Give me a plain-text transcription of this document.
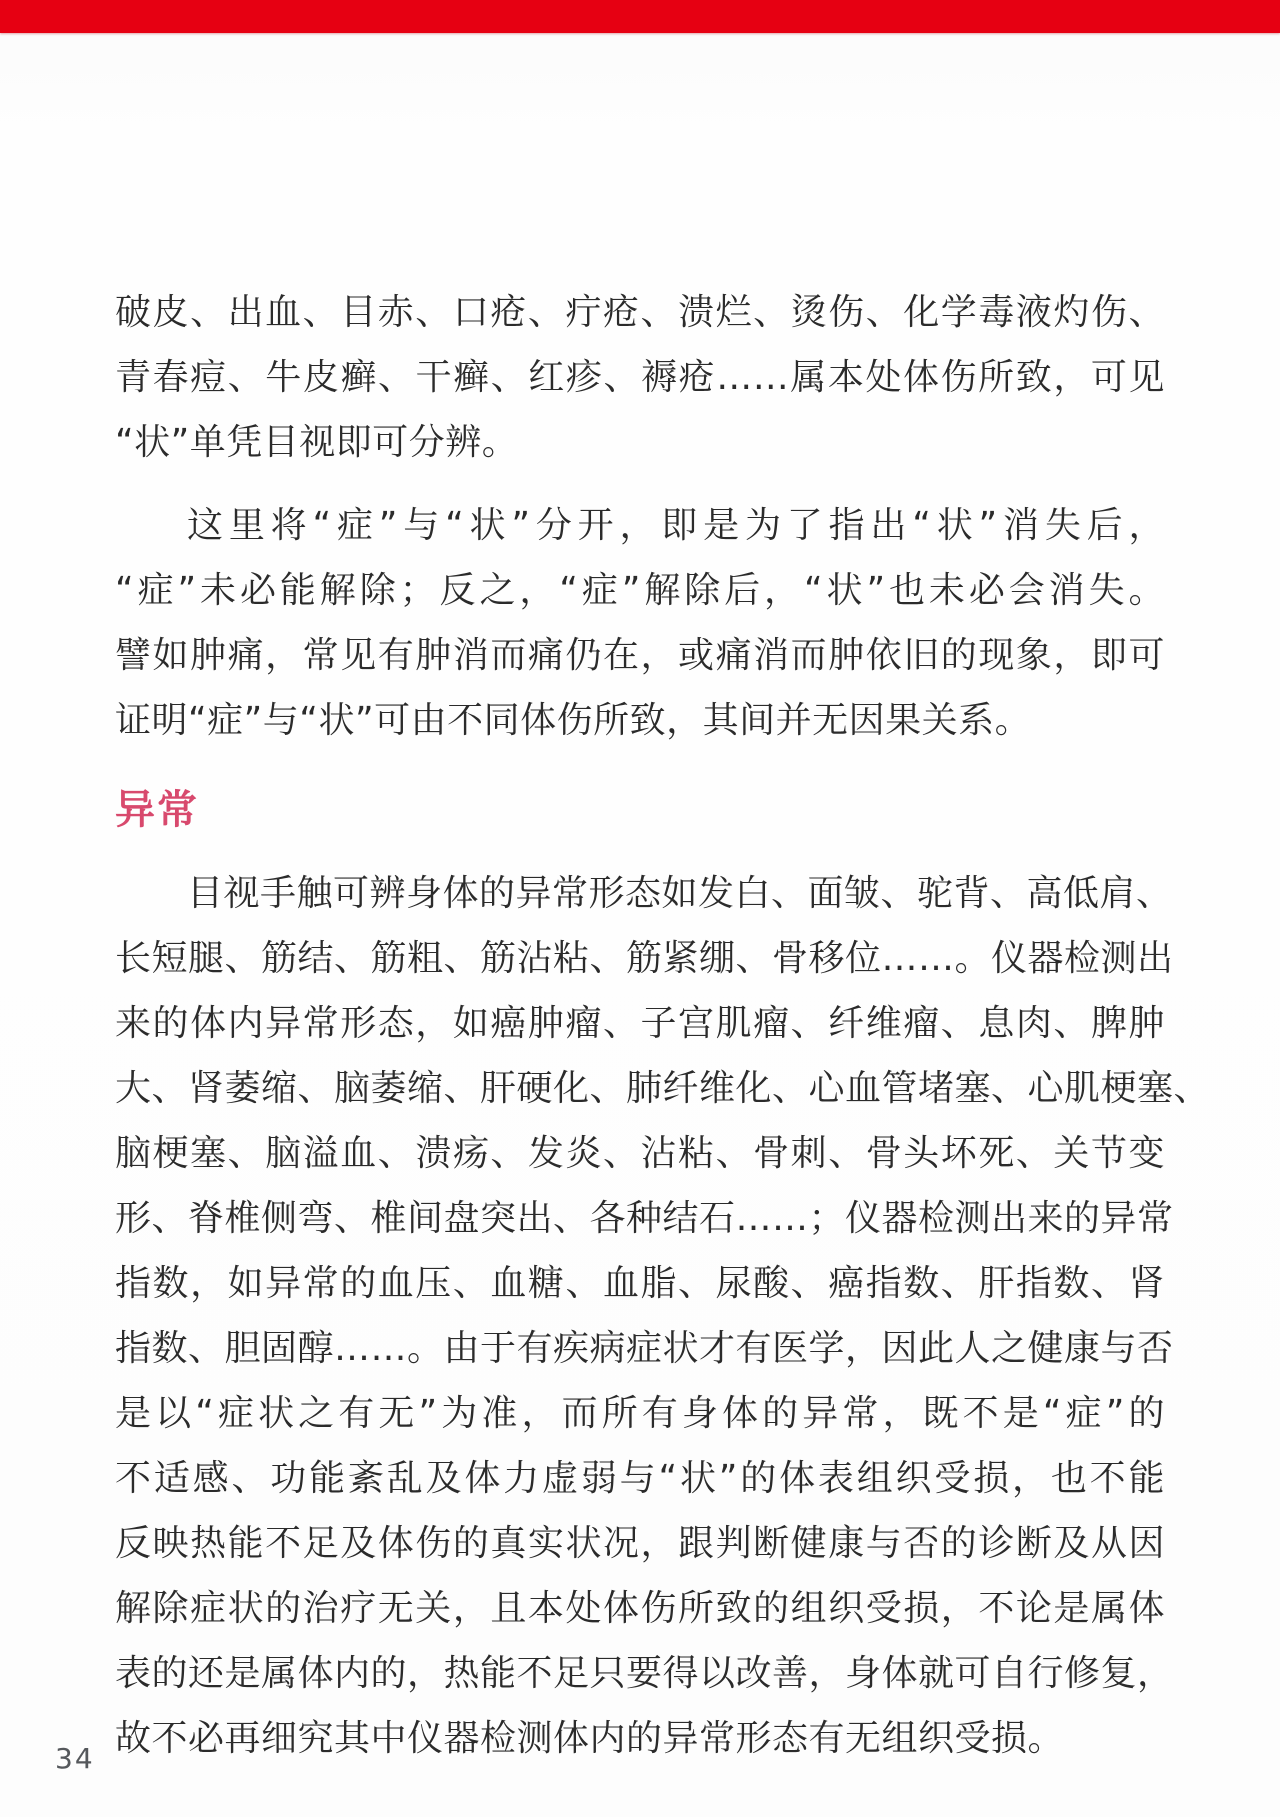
破皮、出血、目赤、口疮、疔疮、溃烂、烫伤、化学毒液灼伤、
青春痘、牛皮癣、干癣、红疹、褥疮……属本处体伤所致，可见
“状”单凭目视即可分辨。
这里将“症”与“状”分开，即是为了指出“状”消失后，
“症”未必能解除；反之，“症”解除后，“状”也未必会消失。
譬如肿痛，常见有肿消而痛仍在，或痛消而肿依旧的现象，即可
证明“症”与“状”可由不同体伤所致，其间并无因果关系。
异常
目视手触可辨身体的异常形态如发白、面皱、驼背、高低肩、
长短腿、筋结、筋粗、筋沾粘、筋紧绷、骨移位……。仪器检测出
来的体内异常形态，如癌肿瘤、子宫肌瘤、纤维瘤、息肉、脾肿
大、肾萎缩、脑萎缩、肝硬化、肺纤维化、心血管堵塞、心肌梗塞、
脑梗塞、脑溢血、溃疡、发炎、沾粘、骨刺、骨头坏死、关节变
形、脊椎侧弯、椎间盘突出、各种结石……；仪器检测出来的异常
指数，如异常的血压、血糖、血脂、尿酸、癌指数、肝指数、肾
指数、胆固醇……。由于有疾病症状才有医学，因此人之健康与否
是以“症状之有无”为准，而所有身体的异常，既不是“症”的
不适感、功能紊乱及体力虚弱与“状”的体表组织受损，也不能
反映热能不足及体伤的真实状况，跟判断健康与否的诊断及从因
解除症状的治疗无关，且本处体伤所致的组织受损，不论是属体
表的还是属体内的，热能不足只要得以改善，身体就可自行修复，
故不必再细究其中仪器检测体内的异常形态有无组织受损。
34
